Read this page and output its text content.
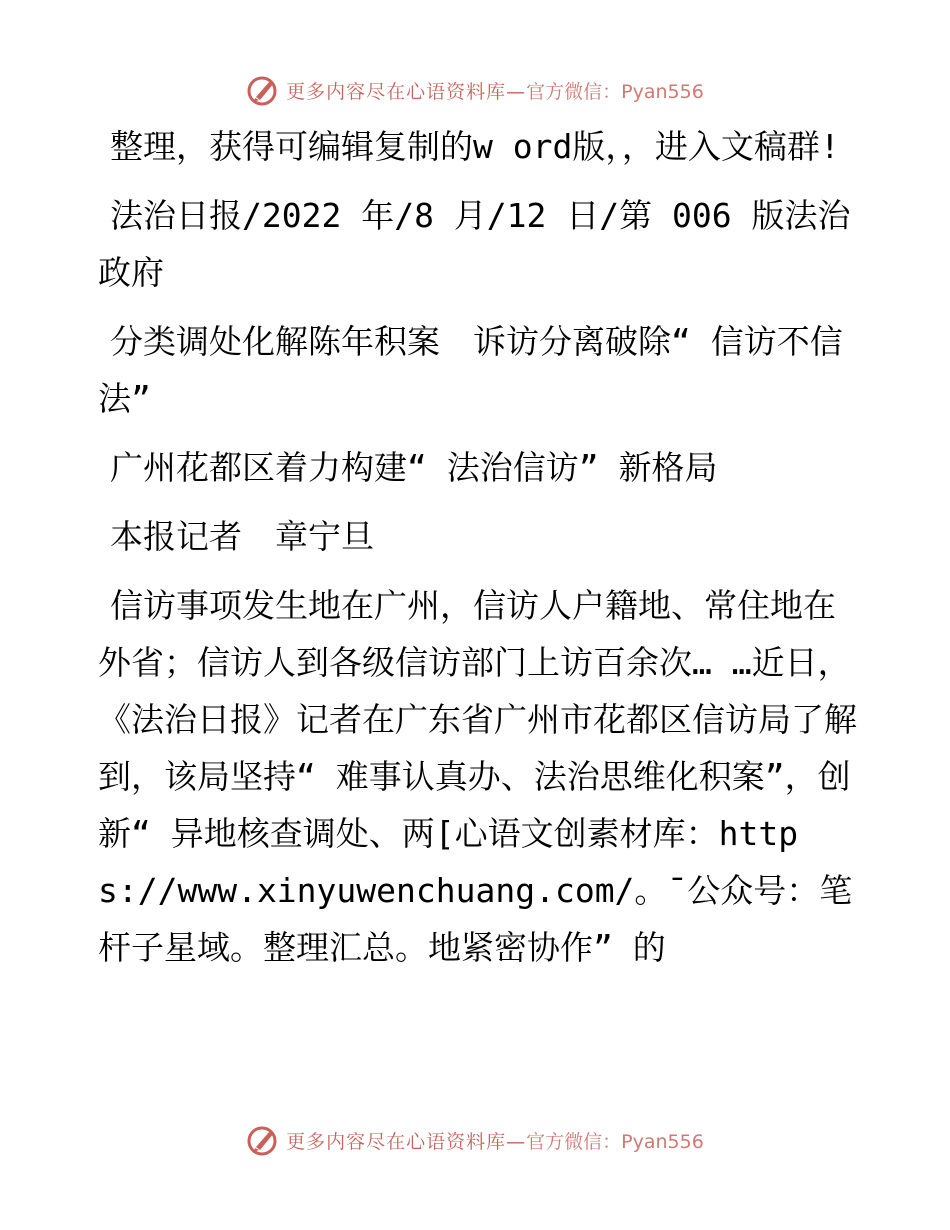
更多内容尽在心语资料库— 官方微信：Pyan556

整理，获得可编辑复制的w ord版，，进入文稿群!

法治日报/2022 年/8 月/12 日/第 006 版法治政府

分类调处化解陈年积案　诉访分离破除“ 信访不信法”

广州花都区着力构建“ 法治信访” 新格局

本报记者　章宁旦

信访事项发生地在广州，信访人户籍地、常住地在外省；信访人到各级信访部门上访百余次… …近日，　《法治日报》记者在广东省广州市花都区信访局了解到，该局坚持“ 难事认真办、法治思维化积案”，创新“ 异地核查调处、两[心语文创素材库：https://www.xinyuwenchuang.com/。¯公众号：笔杆子星域。整理汇总。地紧密协作” 的

更多内容尽在心语资料库— 官方微信：Pyan556
